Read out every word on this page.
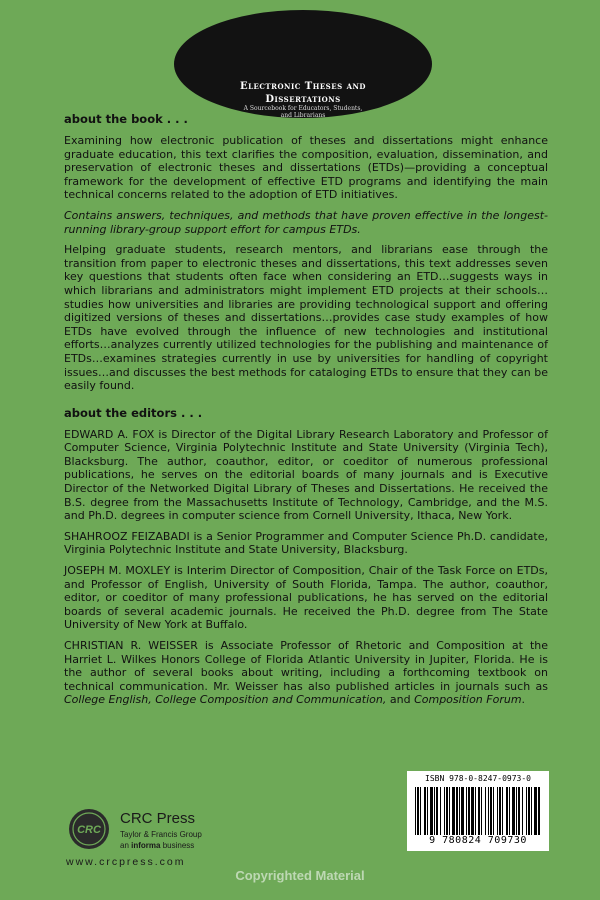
Electronic Theses and
Dissertations
A Sourcebook for Educators, Students,
and Librarians
about the book . . .

Examining how electronic publication of theses and dissertations might enhance graduate education, this text clarifies the composition, evaluation, dissemination, and preservation of electronic theses and dissertations (ETDs)—providing a conceptual framework for the development of effective ETD programs and identifying the main technical concerns related to the adoption of ETD initiatives.

Contains answers, techniques, and methods that have proven effective in the longest-running library-group support effort for campus ETDs.

Helping graduate students, research mentors, and librarians ease through the transition from paper to electronic theses and dissertations, this text addresses seven key questions that students often face when considering an ETD…suggests ways in which librarians and administrators might implement ETD projects at their schools…studies how universities and libraries are providing technological support and offering digitized versions of theses and dissertations…provides case study examples of how ETDs have evolved through the influence of new technologies and institutional efforts…analyzes currently utilized technologies for the publishing and maintenance of ETDs…examines strategies currently in use by universities for handling of copyright issues…and discusses the best methods for cataloging ETDs to ensure that they can be easily found.

about the editors . . .

EDWARD A. FOX is Director of the Digital Library Research Laboratory and Professor of Computer Science, Virginia Polytechnic Institute and State University (Virginia Tech), Blacksburg. The author, coauthor, editor, or coeditor of numerous professional publications, he serves on the editorial boards of many journals and is Executive Director of the Networked Digital Library of Theses and Dissertations. He received the B.S. degree from the Massachusetts Institute of Technology, Cambridge, and the M.S. and Ph.D. degrees in computer science from Cornell University, Ithaca, New York.

SHAHROOZ FEIZABADI is a Senior Programmer and Computer Science Ph.D. candidate, Virginia Polytechnic Institute and State University, Blacksburg.

JOSEPH M. MOXLEY is Interim Director of Composition, Chair of the Task Force on ETDs, and Professor of English, University of South Florida, Tampa. The author, coauthor, editor, or coeditor of many professional publications, he has served on the editorial boards of several academic journals. He received the Ph.D. degree from The State University of New York at Buffalo.

CHRISTIAN R. WEISSER is Associate Professor of Rhetoric and Composition at the Harriet L. Wilkes Honors College of Florida Atlantic University in Jupiter, Florida. He is the author of several books about writing, including a forthcoming textbook on technical communication. Mr. Weisser has also published articles in journals such as College English, College Composition and Communication, and Composition Forum.

ISBN 978-0-8247-0973-0
9 780824 709730
CRC
CRC Press
Taylor & Francis Group
an informa business
www.crcpress.com
Copyrighted Material
